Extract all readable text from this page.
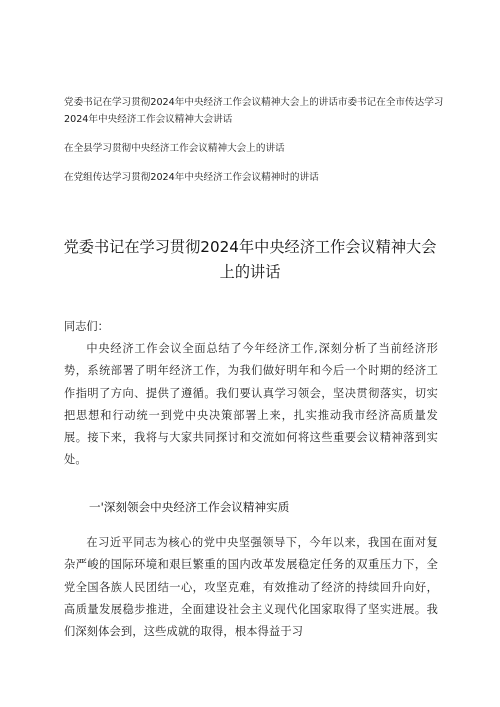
党委书记在学习贯彻2024年中央经济工作会议精神大会上的讲话市委书记在全市传达学习2024年中央经济工作会议精神大会讲话
在全县学习贯彻中央经济工作会议精神大会上的讲话
在党组传达学习贯彻2024年中央经济工作会议精神时的讲话
党委书记在学习贯彻2024年中央经济工作会议精神大会上的讲话
同志们：
中央经济工作会议全面总结了今年经济工作,深刻分析了当前经济形势，系统部署了明年经济工作，为我们做好明年和今后一个时期的经济工作指明了方向、提供了遵循。我们要认真学习领会，坚决贯彻落实，切实把思想和行动统一到党中央决策部署上来，扎实推动我市经济高质量发展。接下来，我将与大家共同探讨和交流如何将这些重要会议精神落到实处。
一'深刻领会中央经济工作会议精神实质
在习近平同志为核心的党中央坚强领导下，今年以来，我国在面对复杂严峻的国际环境和艰巨繁重的国内改革发展稳定任务的双重压力下，全党全国各族人民团结一心，攻坚克难，有效推动了经济的持续回升向好，高质量发展稳步推进，全面建设社会主义现代化国家取得了坚实进展。我们深刻体会到，这些成就的取得，根本得益于习
